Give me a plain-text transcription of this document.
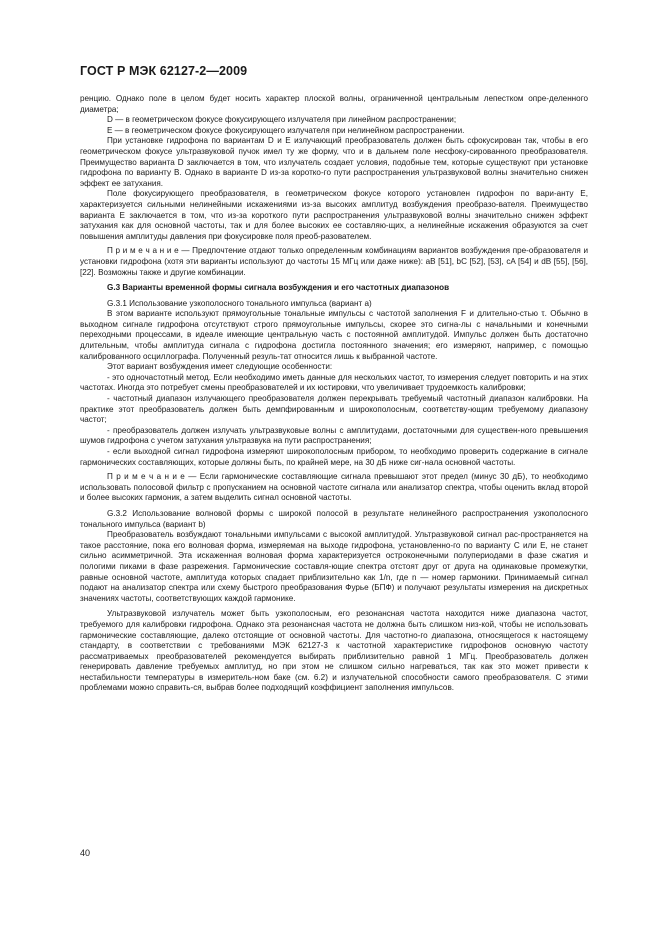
ГОСТ Р МЭК 62127-2—2009

ренцию. Однако поле в целом будет носить характер плоской волны, ограниченной центральным лепестком опре-деленного диаметра;

D — в геометрическом фокусе фокусирующего излучателя при линейном распространении;

E — в геометрическом фокусе фокусирующего излучателя при нелинейном распространении.

При установке гидрофона по вариантам D и E излучающий преобразователь должен быть сфокусирован так, чтобы в его геометрическом фокусе ультразвуковой пучок имел ту же форму, что и в дальнем поле несфоку-сированного преобразователя. Преимущество варианта D заключается в том, что излучатель создает условия, подобные тем, которые существуют при установке гидрофона по варианту B. Однако в варианте D из-за коротко-го пути распространения ультразвуковой волны значительно снижен эффект ее затухания.

Поле фокусирующего преобразователя, в геометрическом фокусе которого установлен гидрофон по вари-анту E, характеризуется сильными нелинейными искажениями из-за высоких амплитуд возбуждения преобразо-вателя. Преимущество варианта E заключается в том, что из-за короткого пути распространения ультразвуковой волны значительно снижен эффект затухания как для основной частоты, так и для более высоких ее составляю-щих, а нелинейные искажения образуются за счет повышения амплитуды давления при фокусировке поля преоб-разователем.

П р и м е ч а н и е — Предпочтение отдают только определенным комбинациям вариантов возбуждения пре-образователя и установки гидрофона (хотя эти варианты используют до частоты 15 МГц или даже ниже): aB [51], bC [52], [53], cA [54] и dB [55], [56], [22]. Возможны также и другие комбинации.

G.3 Варианты временной формы сигнала возбуждения и его частотных диапазонов

G.3.1 Использование узкополосного тонального импульса (вариант a)

В этом варианте используют прямоугольные тональные импульсы с частотой заполнения F и длительно-стью τ. Обычно в выходном сигнале гидрофона отсутствуют строго прямоугольные импульсы, скорее это сигна-лы с начальными и конечными переходными процессами, в идеале имеющие центральную часть с постоянной амплитудой. Импульс должен быть достаточно длительным, чтобы амплитуда сигнала с гидрофона достигла постоянного значения; его измеряют, например, с помощью калиброванного осциллографа. Полученный резуль-тат относится лишь к выбранной частоте.

Этот вариант возбуждения имеет следующие особенности:

- это одночастотный метод. Если необходимо иметь данные для нескольких частот, то измерения следует повторить и на этих частотах. Иногда это потребует смены преобразователей и их юстировки, что увеличивает трудоемкость калибровки;

- частотный диапазон излучающего преобразователя должен перекрывать требуемый частотный диапазон калибровки. На практике этот преобразователь должен быть демпфированным и широкополосным, соответству-ющим требуемому диапазону частот;

- преобразователь должен излучать ультразвуковые волны с амплитудами, достаточными для существен-ного превышения шумов гидрофона с учетом затухания ультразвука на пути распространения;

- если выходной сигнал гидрофона измеряют широкополосным прибором, то необходимо проверить содержание в сигнале гармонических составляющих, которые должны быть, по крайней мере, на 30 дБ ниже сиг-нала основной частоты.

П р и м е ч а н и е — Если гармонические составляющие сигнала превышают этот предел (минус 30 дБ), то необходимо использовать полосовой фильтр с пропусканием на основной частоте сигнала или анализатор спектра, чтобы оценить вклад второй и более высоких гармоник, а затем выделить сигнал основной частоты.

G.3.2 Использование волновой формы с широкой полосой в результате нелинейного распространения узкополосного тонального импульса (вариант b)

Преобразователь возбуждают тональными импульсами с высокой амплитудой. Ультразвуковой сигнал рас-пространяется на такое расстояние, пока его волновая форма, измеряемая на выходе гидрофона, установленно-го по варианту C или E, не станет сильно асимметричной. Эта искаженная волновая форма характеризуется остроконечными полупериодами в фазе сжатия и пологими пиками в фазе разрежения. Гармонические составля-ющие спектра отстоят друг от друга на одинаковые промежутки, равные основной частоте, амплитуда которых спадает приблизительно как 1/n, где n — номер гармоники. Принимаемый сигнал подают на анализатор спектра или схему быстрого преобразования Фурье (БПФ) и получают результаты измерения на дискретных значениях частоты, соответствующих каждой гармонике.

Ультразвуковой излучатель может быть узкополосным, его резонансная частота находится ниже диапазона частот, требуемого для калибровки гидрофона. Однако эта резонансная частота не должна быть слишком низ-кой, чтобы не использовать гармонические составляющие, далеко отстоящие от основной частоты. Для частотно-го диапазона, относящегося к настоящему стандарту, в соответствии с требованиями МЭК 62127-3 к частотной характеристике гидрофонов основную частоту рассматриваемых преобразователей рекомендуется выбирать приблизительно равной 1 МГц. Преобразователь должен генерировать давление требуемых амплитуд, но при этом не слишком сильно нагреваться, так как это может привести к нестабильности температуры в измеритель-ном баке (см. 6.2) и излучательной способности самого преобразователя. С этими проблемами можно справить-ся, выбрав более подходящий коэффициент заполнения импульсов.

40
